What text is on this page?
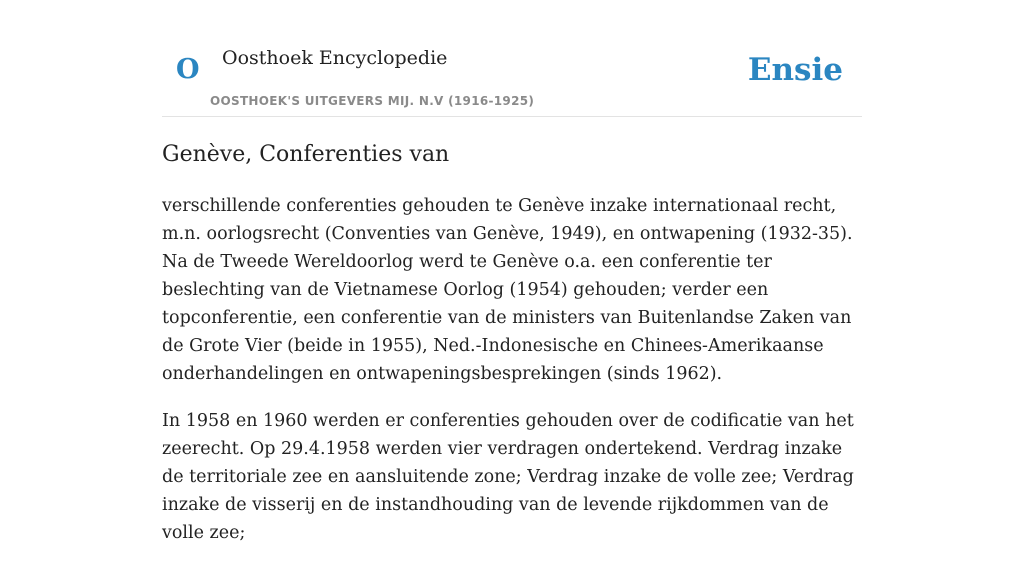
O Oosthoek Encyclopedie
OOSTHOEK'S UITGEVERS MIJ. N.V (1916-1925)
Ensie
Genève, Conferenties van

verschillende conferenties gehouden te Genève inzake internationaal recht, m.n. oorlogsrecht (Conventies van Genève, 1949), en ontwapening (1932-35). Na de Tweede Wereldoorlog werd te Genève o.a. een conferentie ter beslechting van de Vietnamese Oorlog (1954) gehouden; verder een topconferentie, een conferentie van de ministers van Buitenlandse Zaken van de Grote Vier (beide in 1955), Ned.-Indonesische en Chinees-Amerikaanse onderhandelingen en ontwapeningsbesprekingen (sinds 1962).

In 1958 en 1960 werden er conferenties gehouden over de codificatie van het zeerecht. Op 29.4.1958 werden vier verdragen ondertekend. Verdrag inzake de territoriale zee en aansluitende zone; Verdrag inzake de volle zee; Verdrag inzake de visserij en de instandhouding van de levende rijkdommen van de volle zee;
